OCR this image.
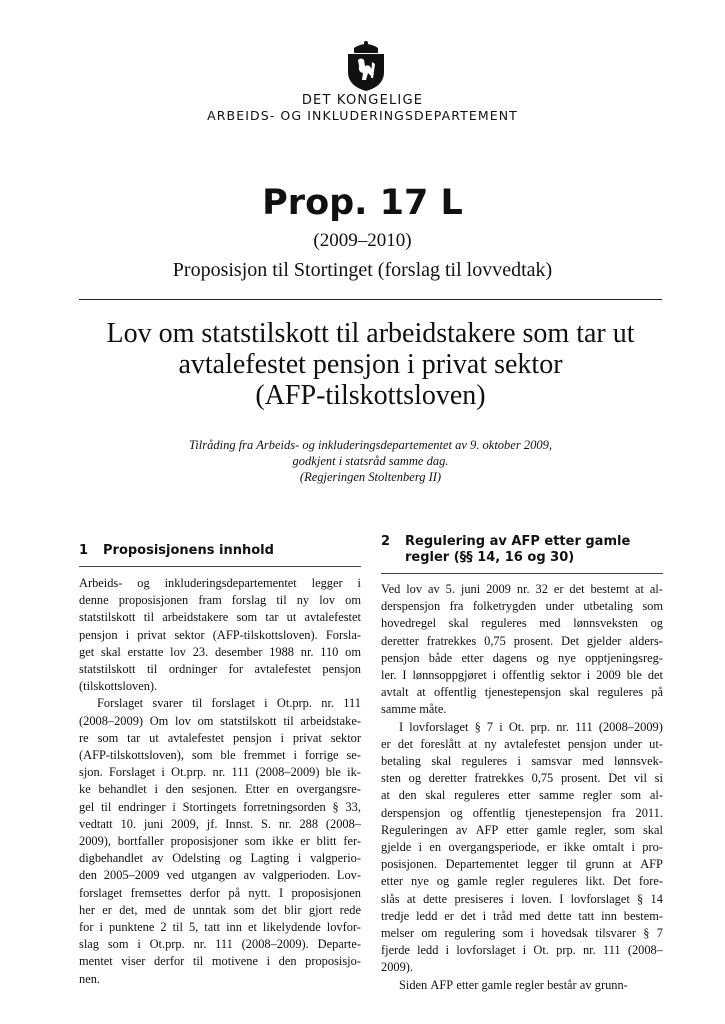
DET KONGELIGE
ARBEIDS- OG INKLUDERINGSDEPARTEMENT
Prop. 17 L
(2009–2010)
Proposisjon til Stortinget (forslag til lovvedtak)
Lov om statstilskott til arbeidstakere som tar ut
avtalefestet pensjon i privat sektor
(AFP-tilskottsloven)
Tilråding fra Arbeids- og inkluderingsdepartementet av 9. oktober 2009,
godkjent i statsråd samme dag.
(Regjeringen Stoltenberg II)
1 Proposisjonens innhold
2	Regulering av AFP etter gamle
regler (§§ 14, 16 og 30)
Arbeids- og inkluderingsdepartementet legger i
denne proposisjonen fram forslag til ny lov om
statstilskott til arbeidstakere som tar ut avtalefestet
pensjon i privat sektor (AFP-tilskottsloven). Forsla-
get skal erstatte lov 23. desember 1988 nr. 110 om
statstilskott til ordninger for avtalefestet pensjon
(tilskottsloven).
Forslaget svarer til forslaget i Ot.prp. nr. 111
(2008–2009) Om lov om statstilskott til arbeidstake-
re som tar ut avtalefestet pensjon i privat sektor
(AFP-tilskottsloven), som ble fremmet i forrige se-
sjon. Forslaget i Ot.prp. nr. 111 (2008–2009) ble ik-
ke behandlet i den sesjonen. Etter en overgangsre-
gel til endringer i Stortingets forretningsorden § 33,
vedtatt 10. juni 2009, jf. Innst. S. nr. 288 (2008–
2009), bortfaller proposisjoner som ikke er blitt fer-
digbehandlet av Odelsting og Lagting i valgperio-
den 2005–2009 ved utgangen av valgperioden. Lov-
forslaget fremsettes derfor på nytt. I proposisjonen
her er det, med de unntak som det blir gjort rede
for i punktene 2 til 5, tatt inn et likelydende lovfor-
slag som i Ot.prp. nr. 111 (2008–2009). Departe-
mentet viser derfor til motivene i den proposisjo-
nen.
Ved lov av 5. juni 2009 nr. 32 er det bestemt at al-
derspensjon fra folketrygden under utbetaling som
hovedregel skal reguleres med lønnsveksten og
deretter fratrekkes 0,75 prosent. Det gjelder alders-
pensjon både etter dagens og nye opptjeningsreg-
ler. I lønnsoppgjøret i offentlig sektor i 2009 ble det
avtalt at offentlig tjenestepensjon skal reguleres på
samme måte.
I lovforslaget § 7 i Ot. prp. nr. 111 (2008–2009)
er det foreslått at ny avtalefestet pensjon under ut-
betaling skal reguleres i samsvar med lønnsvek-
sten og deretter fratrekkes 0,75 prosent. Det vil si
at den skal reguleres etter samme regler som al-
derspensjon og offentlig tjenestepensjon fra 2011.
Reguleringen av AFP etter gamle regler, som skal
gjelde i en overgangsperiode, er ikke omtalt i pro-
posisjonen. Departementet legger til grunn at AFP
etter nye og gamle regler reguleres likt. Det fore-
slås at dette presiseres i loven. I lovforslaget § 14
tredje ledd er det i tråd med dette tatt inn bestem-
melser om regulering som i hovedsak tilsvarer § 7
fjerde ledd i lovforslaget i Ot. prp. nr. 111 (2008–
2009).
Siden AFP etter gamle regler består av grunn-
